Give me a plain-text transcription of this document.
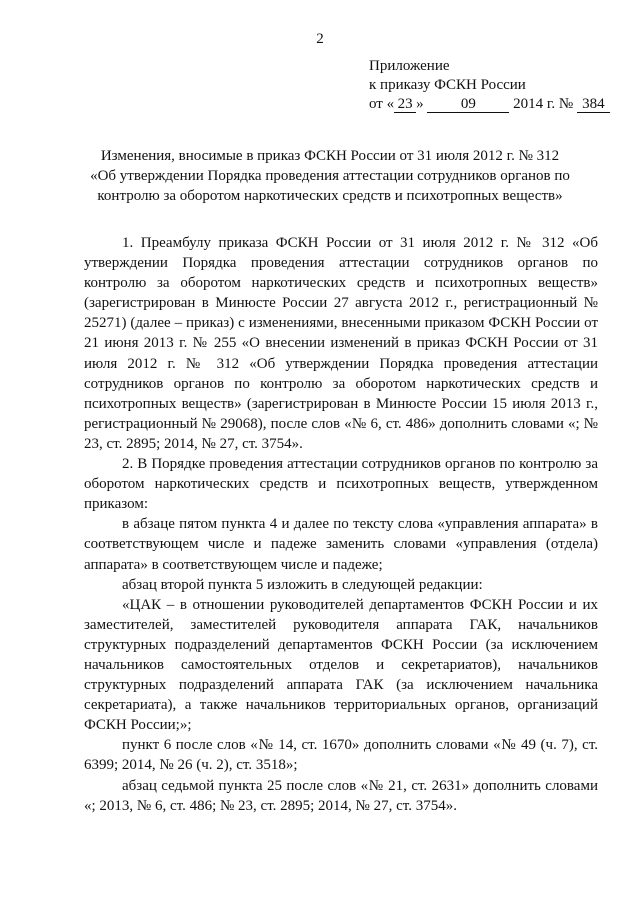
2
Приложение
к приказу ФСКН России
от « 23 » 09 2014 г. № 384
Изменения, вносимые в приказ ФСКН России от 31 июля 2012 г. № 312
«Об утверждении Порядка проведения аттестации сотрудников органов по
контролю за оборотом наркотических средств и психотропных веществ»

1. Преамбулу приказа ФСКН России от 31 июля 2012 г. № 312 «Об утверждении Порядка проведения аттестации сотрудников органов по контролю за оборотом наркотических средств и психотропных веществ» (зарегистрирован в Минюсте России 27 августа 2012 г., регистрационный № 25271) (далее – приказ) с изменениями, внесенными приказом ФСКН России от 21 июня 2013 г. № 255 «О внесении изменений в приказ ФСКН России от 31 июля 2012 г. № 312 «Об утверждении Порядка проведения аттестации сотрудников органов по контролю за оборотом наркотических средств и психотропных веществ» (зарегистрирован в Минюсте России 15 июля 2013 г., регистрационный № 29068), после слов «№ 6, ст. 486» дополнить словами «; № 23, ст. 2895; 2014, № 27, ст. 3754».

2. В Порядке проведения аттестации сотрудников органов по контролю за оборотом наркотических средств и психотропных веществ, утвержденном приказом:

в абзаце пятом пункта 4 и далее по тексту слова «управления аппарата» в соответствующем числе и падеже заменить словами «управления (отдела) аппарата» в соответствующем числе и падеже;

абзац второй пункта 5 изложить в следующей редакции:

«ЦАК – в отношении руководителей департаментов ФСКН России и их заместителей, заместителей руководителя аппарата ГАК, начальников структурных подразделений департаментов ФСКН России (за исключением начальников самостоятельных отделов и секретариатов), начальников структурных подразделений аппарата ГАК (за исключением начальника секретариата), а также начальников территориальных органов, организаций ФСКН России;»;

пункт 6 после слов «№ 14, ст. 1670» дополнить словами «№ 49 (ч. 7), ст. 6399; 2014, № 26 (ч. 2), ст. 3518»;

абзац седьмой пункта 25 после слов «№ 21, ст. 2631» дополнить словами «; 2013, № 6, ст. 486; № 23, ст. 2895; 2014, № 27, ст. 3754».
